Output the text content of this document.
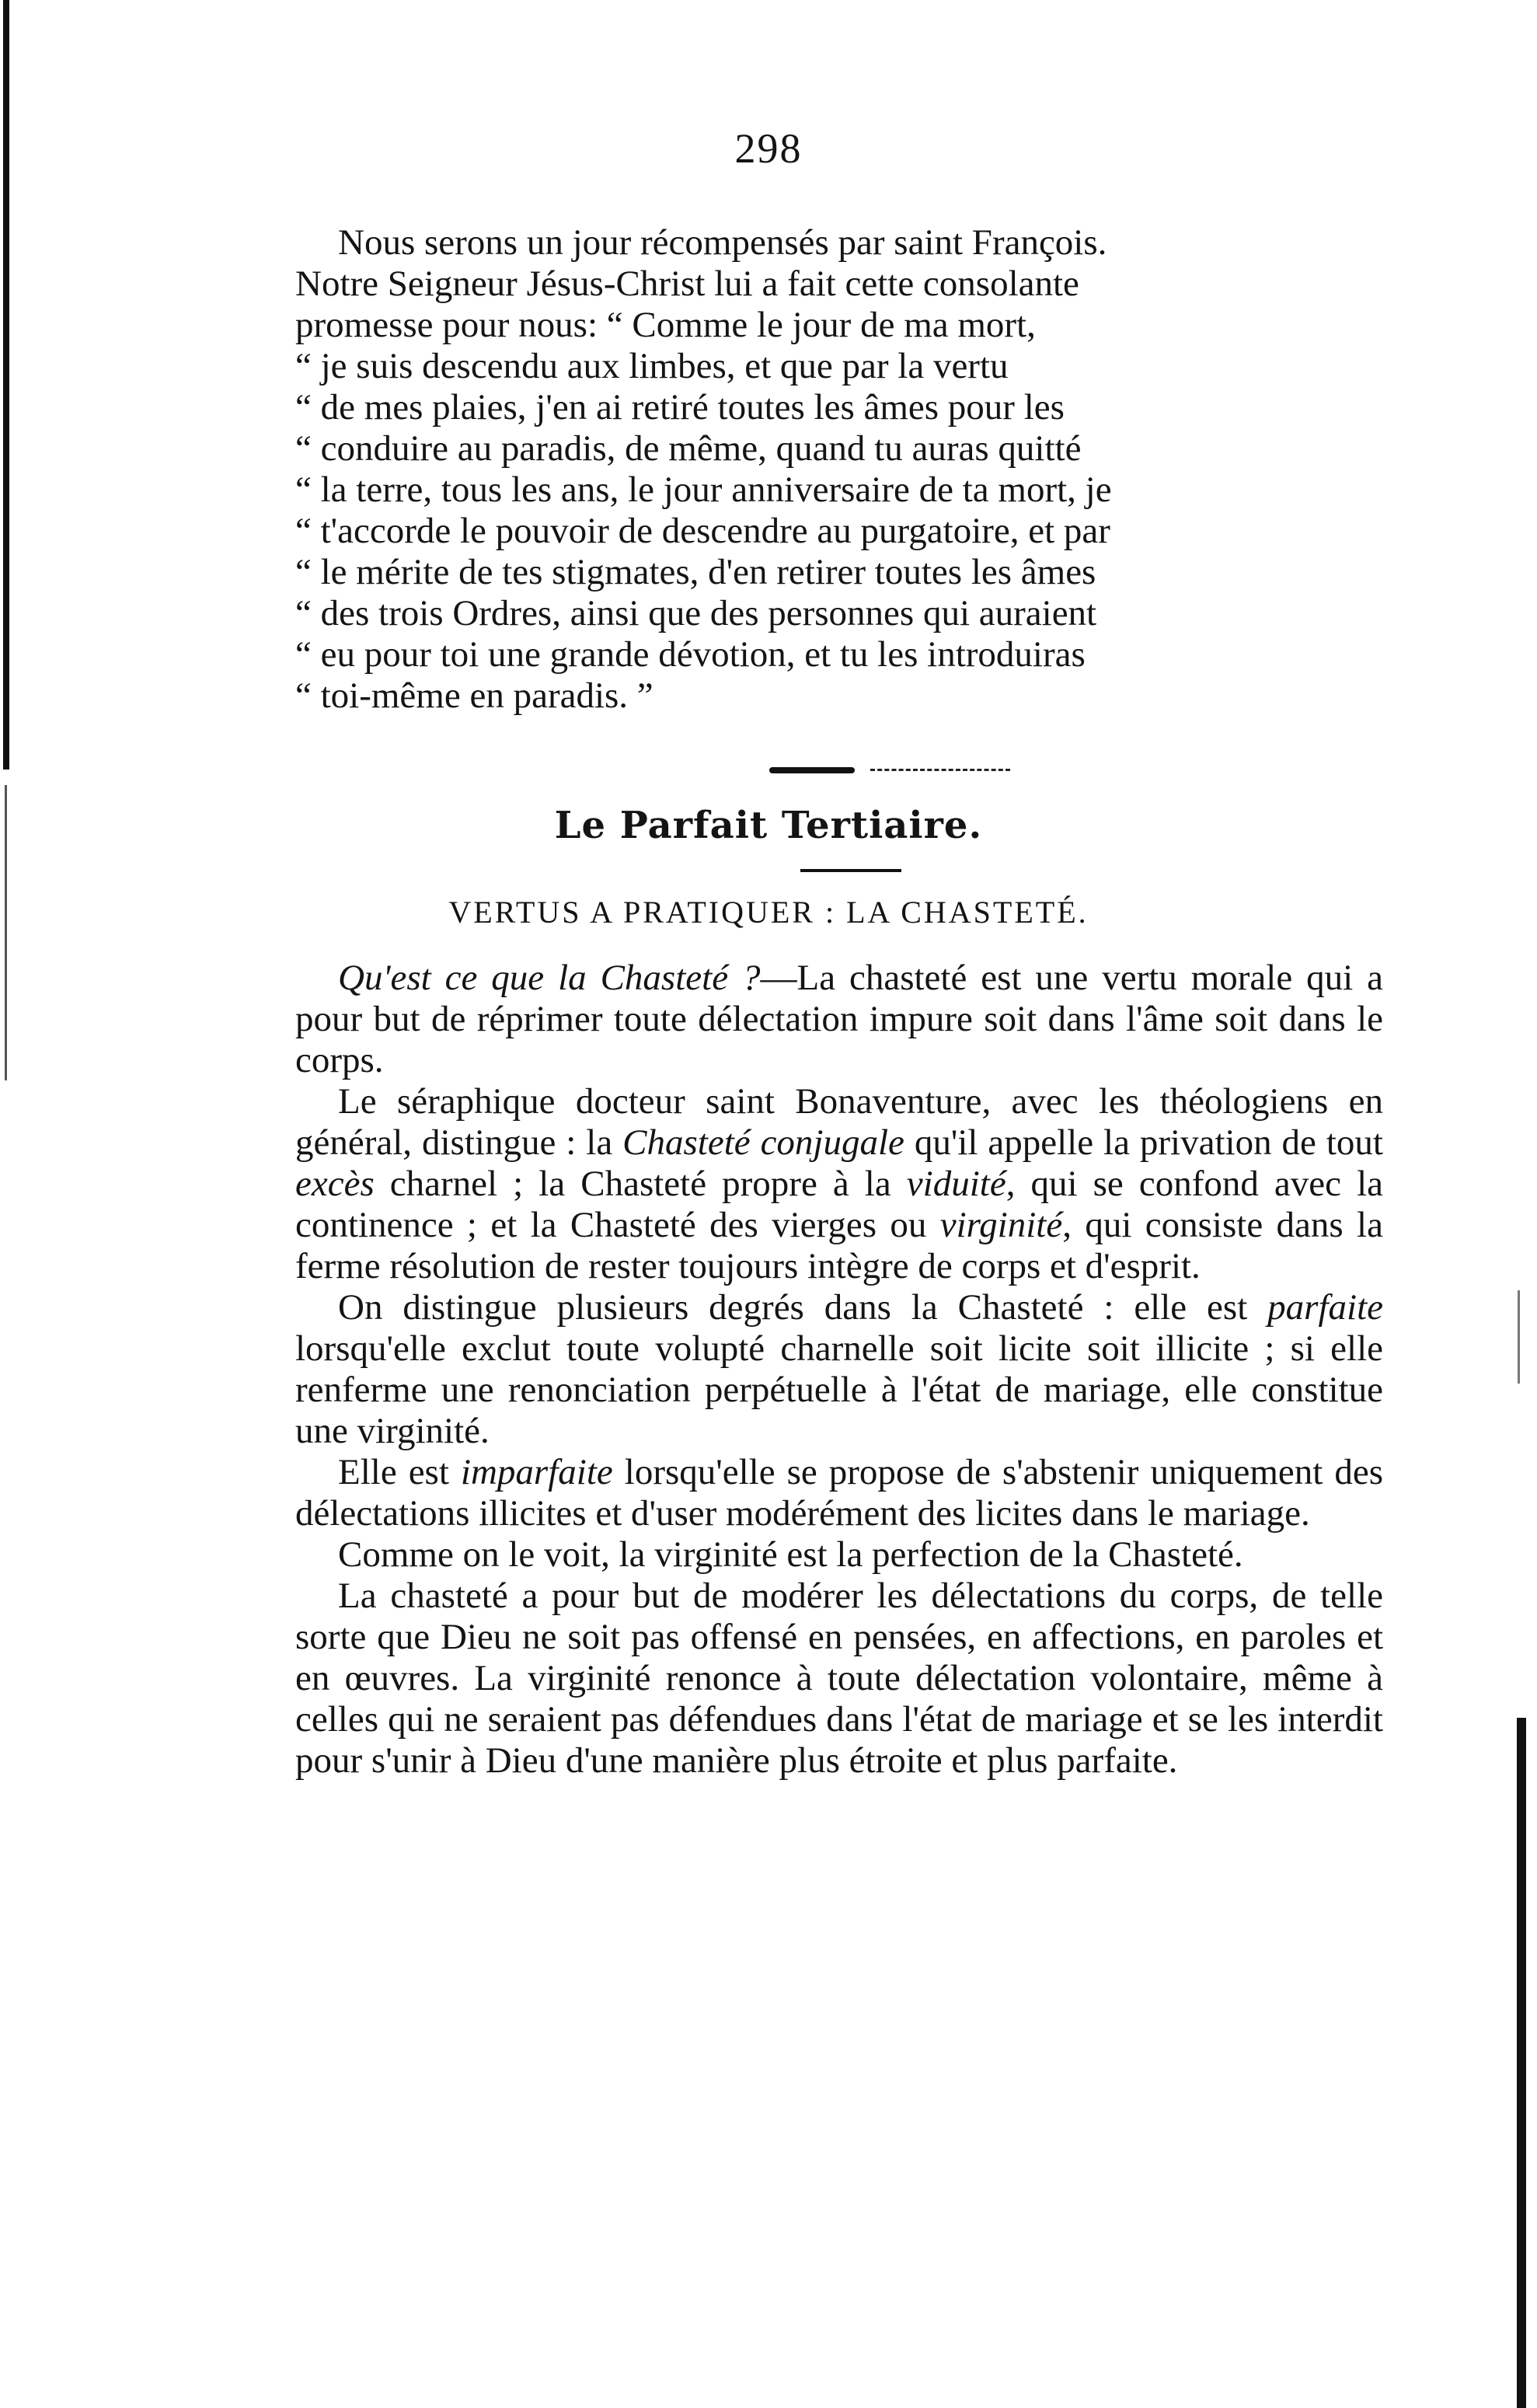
298
Nous serons un jour récompensés par saint François.
Notre Seigneur Jésus-Christ lui a fait cette consolante
promesse pour nous: “ Comme le jour de ma mort,
“ je suis descendu aux limbes, et que par la vertu
“ de mes plaies, j'en ai retiré toutes les âmes pour les
“ conduire au paradis, de même, quand tu auras quitté
“ la terre, tous les ans, le jour anniversaire de ta mort, je
“ t'accorde le pouvoir de descendre au purgatoire, et par
“ le mérite de tes stigmates, d'en retirer toutes les âmes
“ des trois Ordres, ainsi que des personnes qui auraient
“ eu pour toi une grande dévotion, et tu les introduiras
“ toi-même en paradis. ”
Le Parfait Tertiaire.
VERTUS A PRATIQUER : LA CHASTETÉ.

Qu'est ce que la Chasteté ?—La chasteté est une vertu morale qui a pour but de réprimer toute délectation impure soit dans l'âme soit dans le corps.

Le séraphique docteur saint Bonaventure, avec les théologiens en général, distingue : la Chasteté conjugale qu'il appelle la privation de tout excès charnel ; la Chasteté propre à la viduité, qui se confond avec la continence ; et la Chasteté des vierges ou virginité, qui consiste dans la ferme résolution de rester toujours intègre de corps et d'esprit.

On distingue plusieurs degrés dans la Chasteté : elle est parfaite lorsqu'elle exclut toute volupté charnelle soit licite soit illicite ; si elle renferme une renonciation perpétuelle à l'état de mariage, elle constitue une virginité.

Elle est imparfaite lorsqu'elle se propose de s'abstenir uniquement des délectations illicites et d'user modérément des licites dans le mariage.

Comme on le voit, la virginité est la perfection de la Chasteté.

La chasteté a pour but de modérer les délectations du corps, de telle sorte que Dieu ne soit pas offensé en pensées, en affections, en paroles et en œuvres. La virginité renonce à toute délectation volontaire, même à celles qui ne seraient pas défendues dans l'état de mariage et se les interdit pour s'unir à Dieu d'une manière plus étroite et plus parfaite.
